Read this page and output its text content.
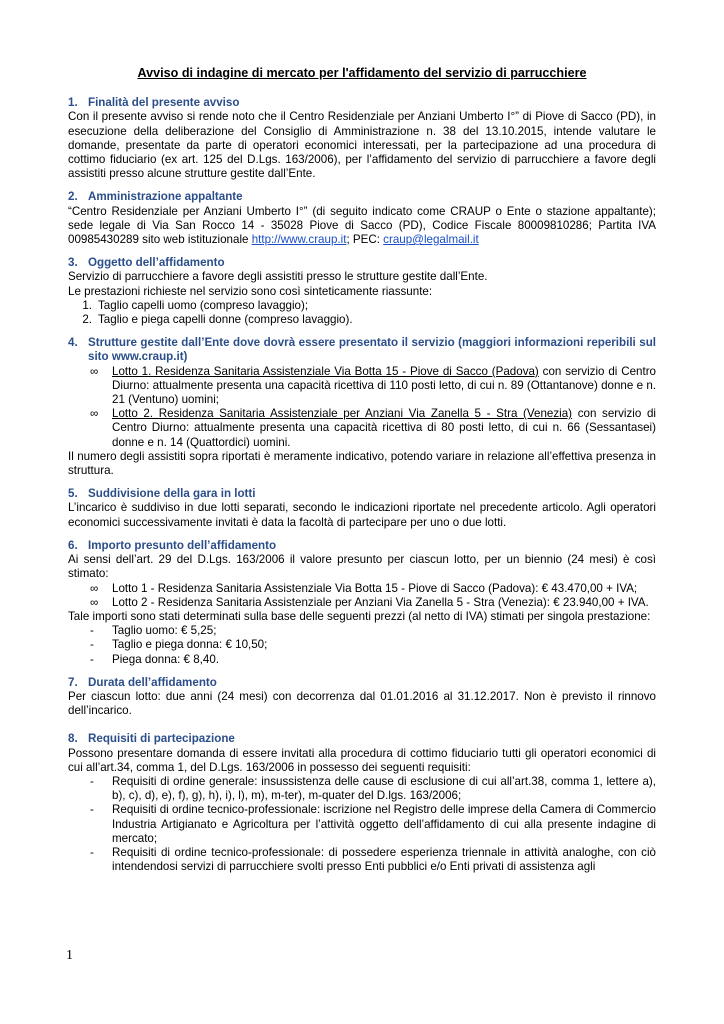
Avviso di indagine di mercato per l'affidamento del servizio di parrucchiere
1. Finalità del presente avviso

Con il presente avviso si rende noto che il Centro Residenziale per Anziani Umberto I°” di Piove di Sacco (PD), in esecuzione della deliberazione del Consiglio di Amministrazione n. 38 del 13.10.2015, intende valutare le domande, presentate da parte di operatori economici interessati, per la partecipazione ad una procedura di cottimo fiduciario (ex art. 125 del D.Lgs. 163/2006), per l’affidamento del servizio di parrucchiere a favore degli assistiti presso alcune strutture gestite dall’Ente.

2. Amministrazione appaltante

“Centro Residenziale per Anziani Umberto I°” (di seguito indicato come CRAUP o Ente o stazione appaltante); sede legale di Via San Rocco 14 - 35028 Piove di Sacco (PD), Codice Fiscale 80009810286; Partita IVA 00985430289 sito web istituzionale http://www.craup.it; PEC: craup@legalmail.it

3. Oggetto dell’affidamento

Servizio di parrucchiere a favore degli assistiti presso le strutture gestite dall’Ente.

Le prestazioni richieste nel servizio sono così sinteticamente riassunte:

1. Taglio capelli uomo (compreso lavaggio);
2. Taglio e piega capelli donne (compreso lavaggio).
4. Strutture gestite dall’Ente dove dovrà essere presentato il servizio (maggiori informazioni reperibili sul sito www.craup.it)
∞	Lotto 1. Residenza Sanitaria Assistenziale Via Botta 15 - Piove di Sacco (Padova) con servizio di Centro Diurno: attualmente presenta una capacità ricettiva di 110 posti letto, di cui n. 89 (Ottantanove) donne e n. 21 (Ventuno) uomini;
∞	Lotto 2. Residenza Sanitaria Assistenziale per Anziani Via Zanella 5 - Stra (Venezia) con servizio di Centro Diurno: attualmente presenta una capacità ricettiva di 80 posti letto, di cui n. 66 (Sessantasei) donne e n. 14 (Quattordici) uomini.

Il numero degli assistiti sopra riportati è meramente indicativo, potendo variare in relazione all’effettiva presenza in struttura.

5. Suddivisione della gara in lotti

L’incarico è suddiviso in due lotti separati, secondo le indicazioni riportate nel precedente articolo. Agli operatori economici successivamente invitati è data la facoltà di partecipare per uno o due lotti.

6. Importo presunto dell’affidamento

Ai sensi dell’art. 29 del D.Lgs. 163/2006 il valore presunto per ciascun lotto, per un biennio (24 mesi) è così stimato:

∞	Lotto 1 - Residenza Sanitaria Assistenziale Via Botta 15 - Piove di Sacco (Padova): € 43.470,00 + IVA;
∞	Lotto 2 - Residenza Sanitaria Assistenziale per Anziani Via Zanella 5 - Stra (Venezia): € 23.940,00 + IVA.

Tale importi sono stati determinati sulla base delle seguenti prezzi (al netto di IVA) stimati per singola prestazione:

-	Taglio uomo: € 5,25;
-	Taglio e piega donna: € 10,50;
-	Piega donna: € 8,40.
7. Durata dell’affidamento

Per ciascun lotto: due anni (24 mesi) con decorrenza dal 01.01.2016 al 31.12.2017. Non è previsto il rinnovo dell’incarico.

8. Requisiti di partecipazione

Possono presentare domanda di essere invitati alla procedura di cottimo fiduciario tutti gli operatori economici di cui all’art.34, comma 1, del D.Lgs. 163/2006 in possesso dei seguenti requisiti:

-	Requisiti di ordine generale: insussistenza delle cause di esclusione di cui all’art.38, comma 1, lettere a), b), c), d), e), f), g), h), i), l), m), m-ter), m-quater del D.lgs. 163/2006;
-	Requisiti di ordine tecnico-professionale: iscrizione nel Registro delle imprese della Camera di Commercio Industria Artigianato e Agricoltura per l’attività oggetto dell’affidamento di cui alla presente indagine di mercato;
-	Requisiti di ordine tecnico-professionale: di possedere esperienza triennale in attività analoghe, con ciò intendendosi servizi di parrucchiere svolti presso Enti pubblici e/o Enti privati di assistenza agli
1
